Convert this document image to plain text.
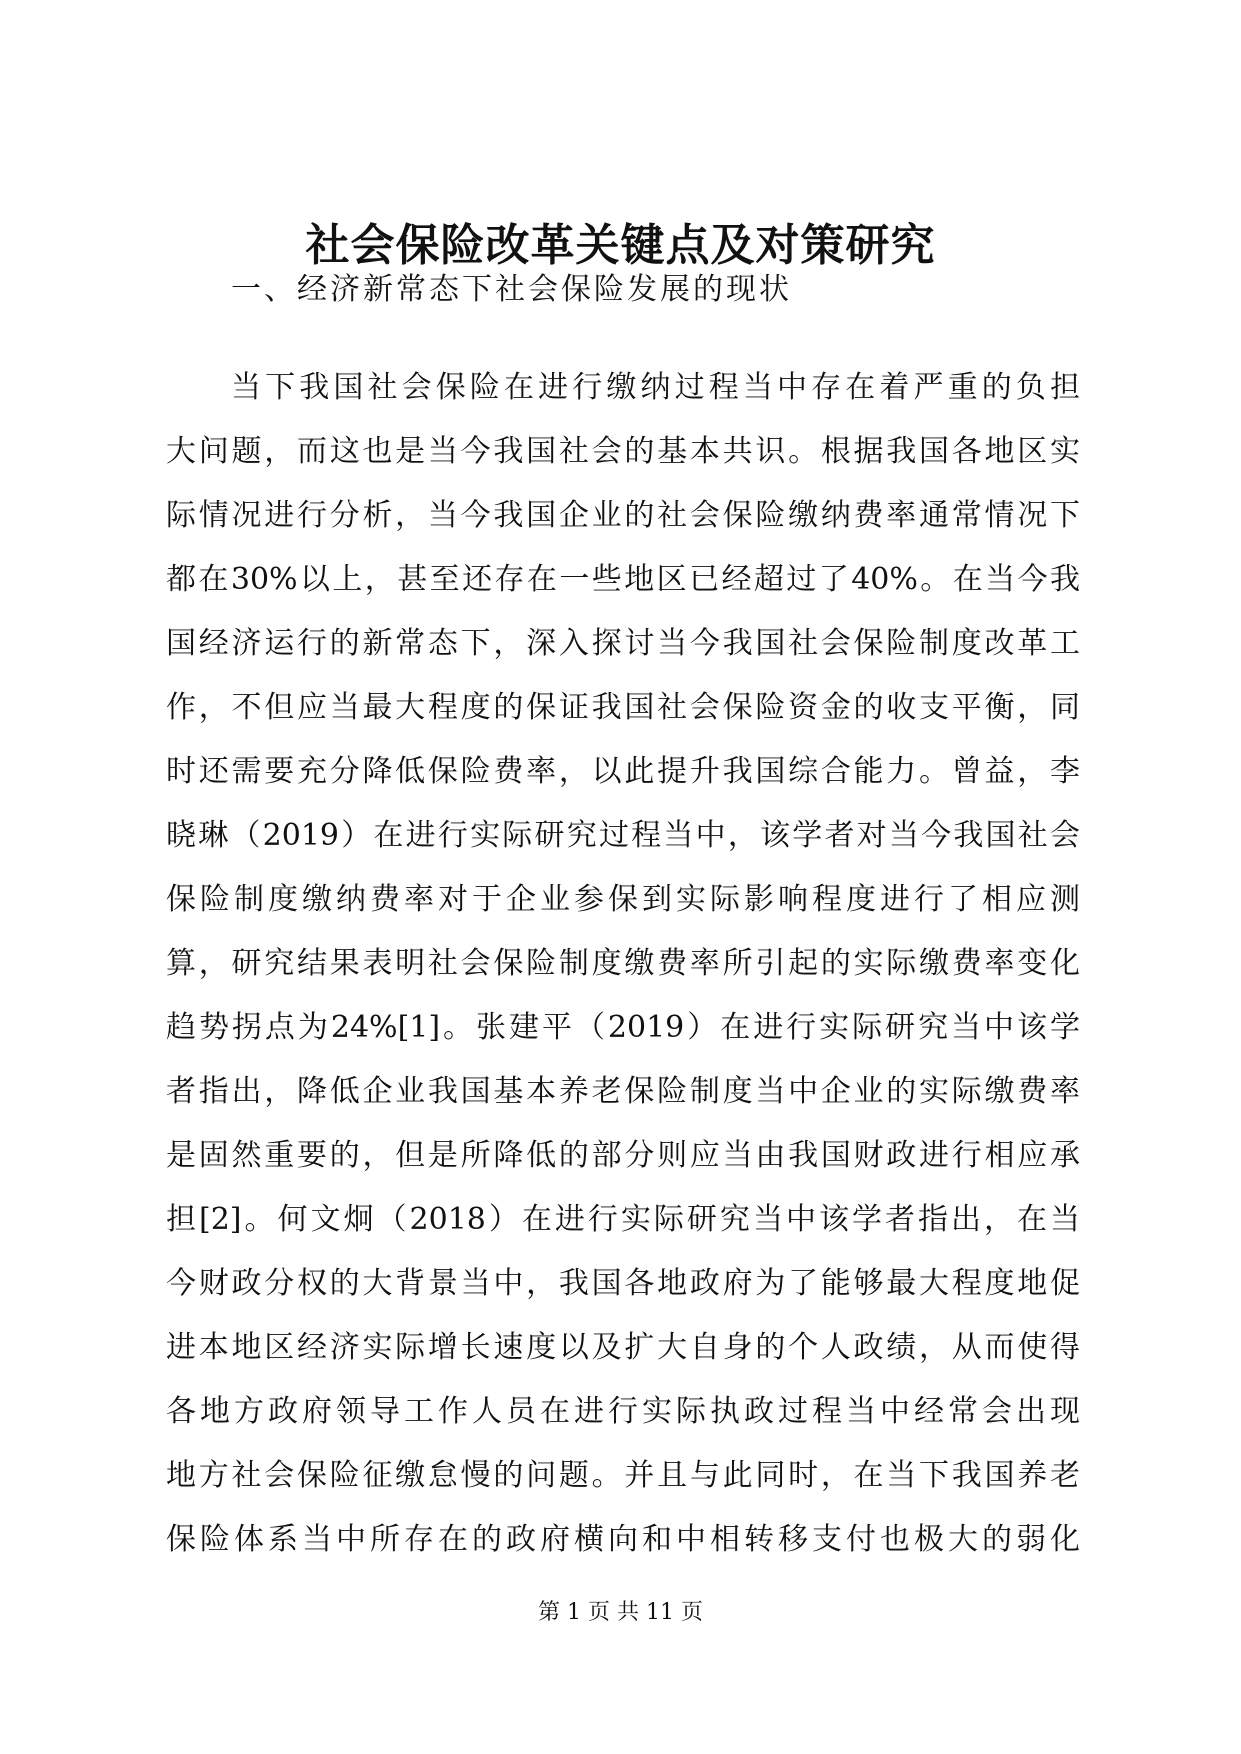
社会保险改革关键点及对策研究
一、经济新常态下社会保险发展的现状
当下我国社会保险在进行缴纳过程当中存在着严重的负担
大问题，而这也是当今我国社会的基本共识。根据我国各地区实
际情况进行分析，当今我国企业的社会保险缴纳费率通常情况下
都在30%以上，甚至还存在一些地区已经超过了40%。在当今我
国经济运行的新常态下，深入探讨当今我国社会保险制度改革工
作，不但应当最大程度的保证我国社会保险资金的收支平衡，同
时还需要充分降低保险费率，以此提升我国综合能力。曾益，李
晓琳（2019）在进行实际研究过程当中，该学者对当今我国社会
保险制度缴纳费率对于企业参保到实际影响程度进行了相应测
算，研究结果表明社会保险制度缴费率所引起的实际缴费率变化
趋势拐点为24%[1]。张建平（2019）在进行实际研究当中该学
者指出，降低企业我国基本养老保险制度当中企业的实际缴费率
是固然重要的，但是所降低的部分则应当由我国财政进行相应承
担[2]。何文炯（2018）在进行实际研究当中该学者指出，在当
今财政分权的大背景当中，我国各地政府为了能够最大程度地促
进本地区经济实际增长速度以及扩大自身的个人政绩，从而使得
各地方政府领导工作人员在进行实际执政过程当中经常会出现
地方社会保险征缴怠慢的问题。并且与此同时，在当下我国养老
保险体系当中所存在的政府横向和中相转移支付也极大的弱化
第 1 页 共 11 页
